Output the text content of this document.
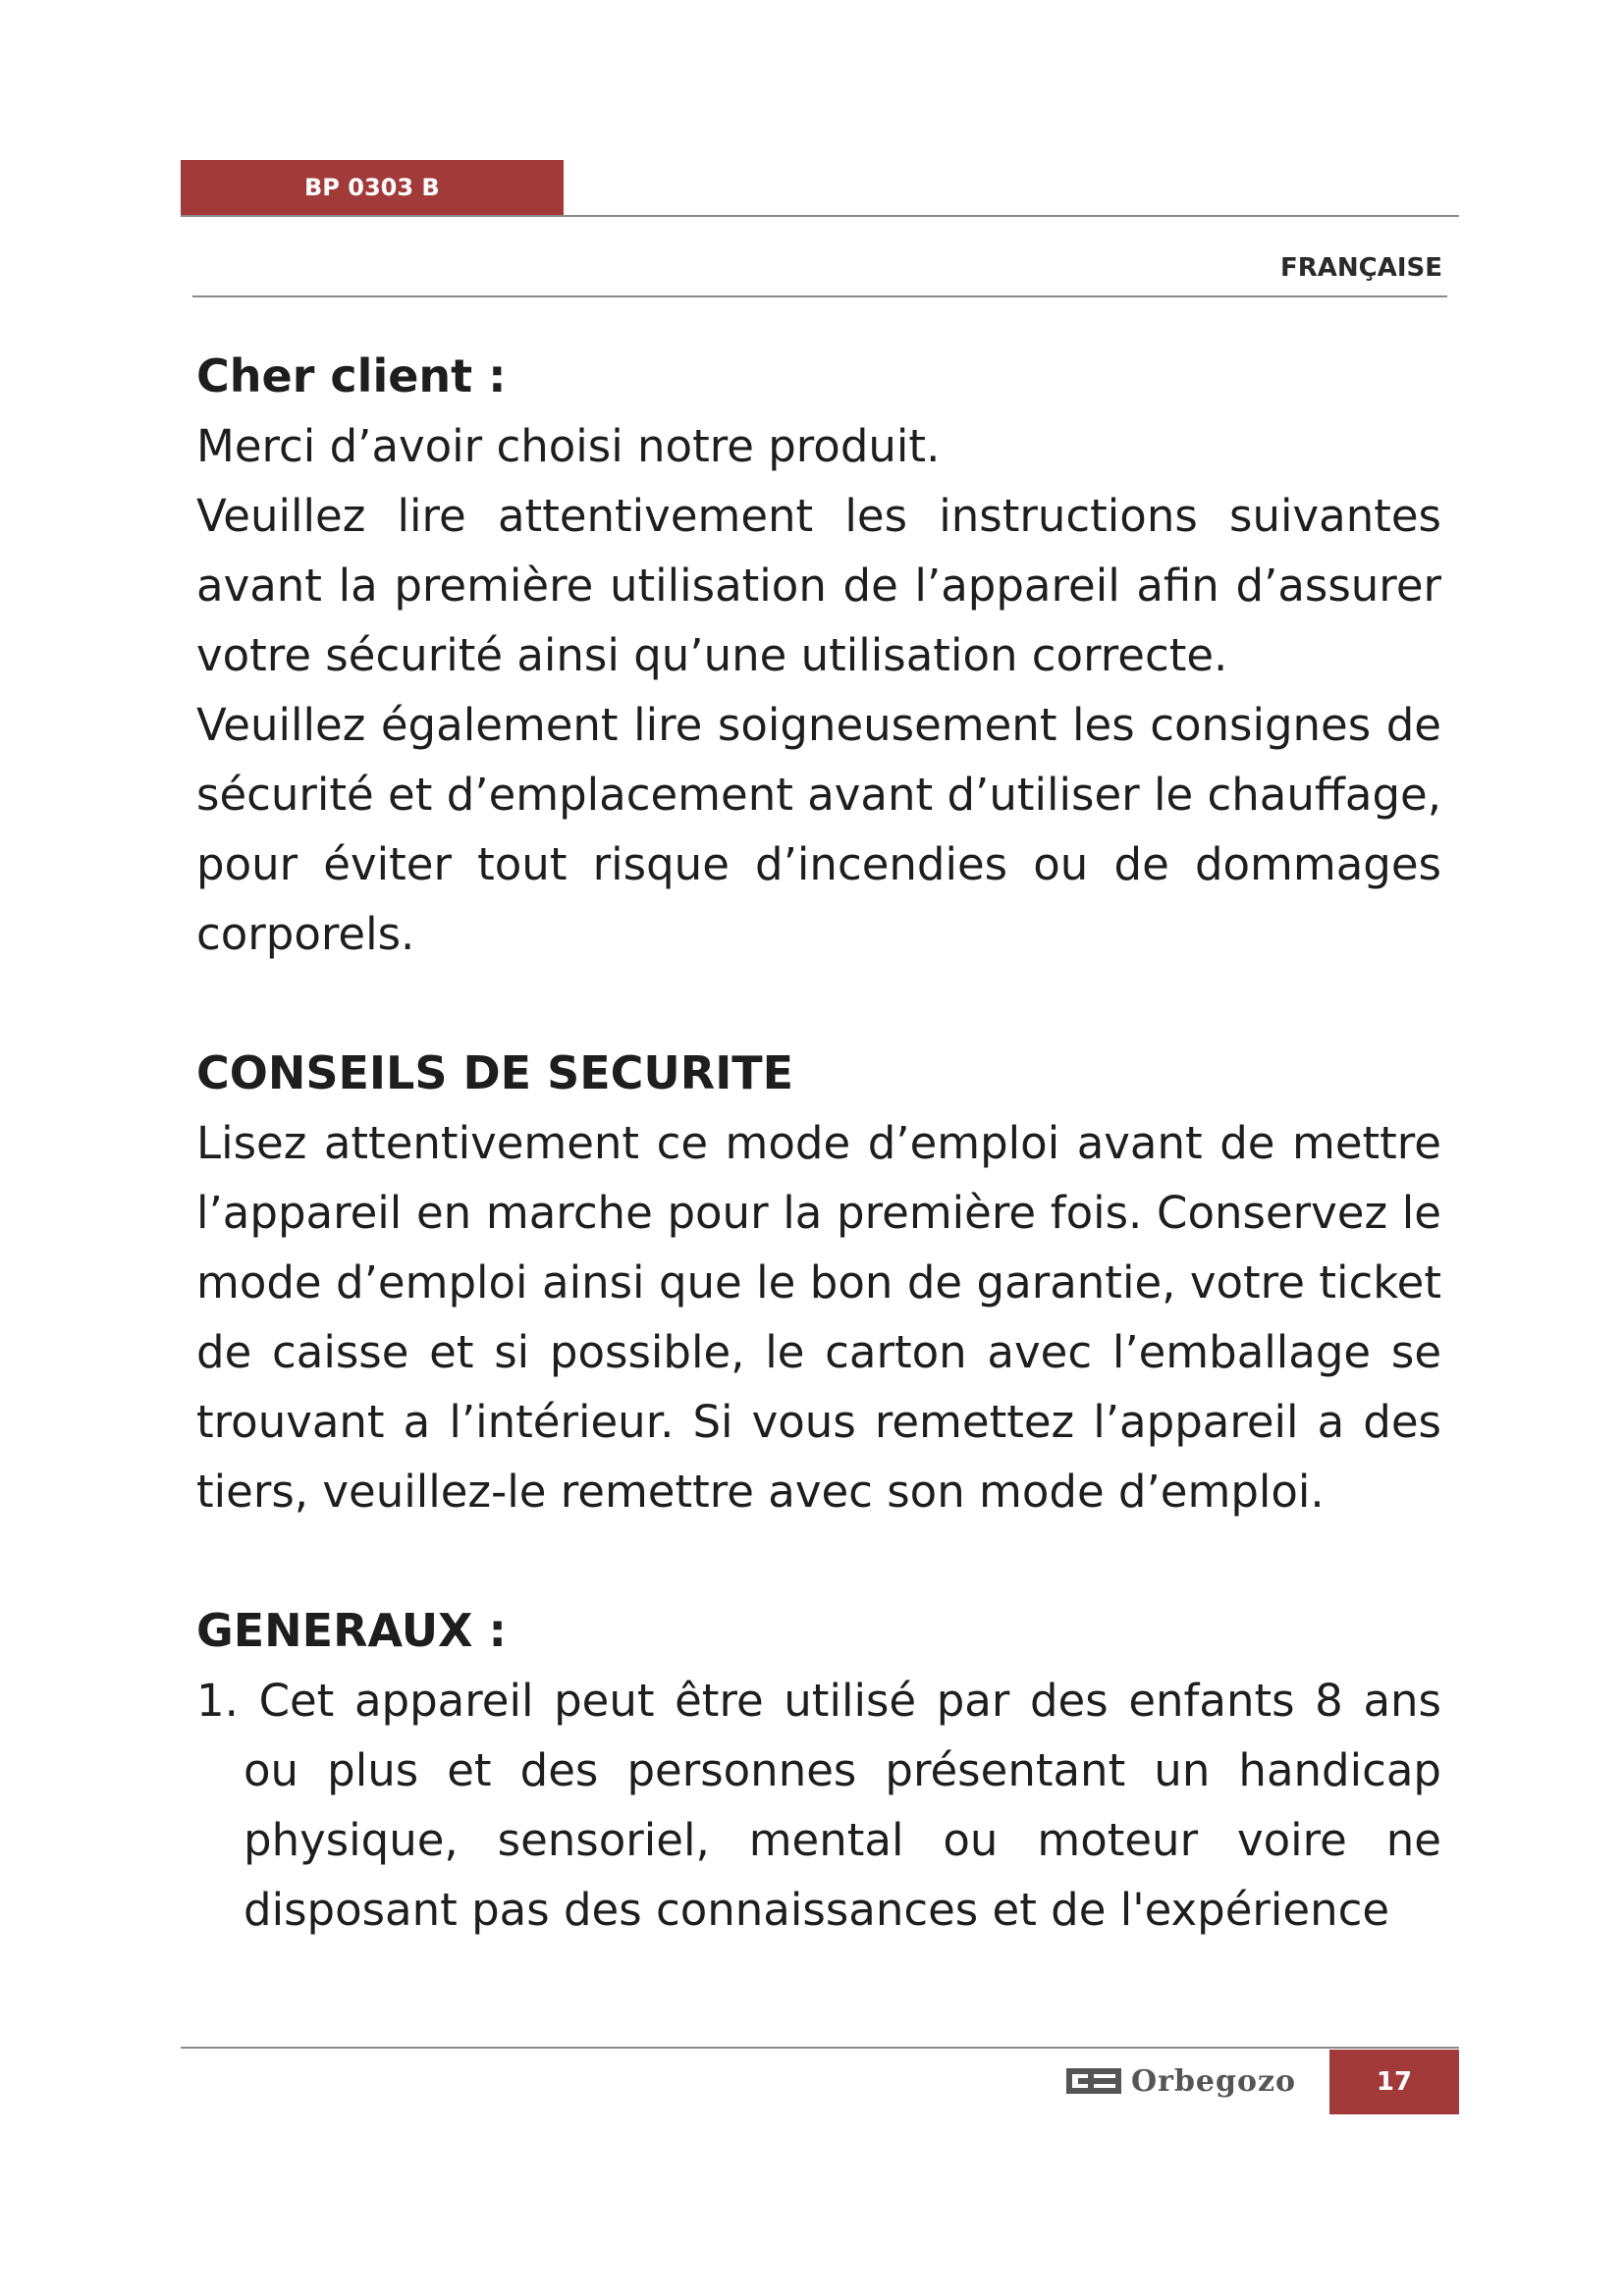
BP 0303 B
FRANÇAISE
Cher client :

Merci d’avoir choisi notre produit.

Veuillez lire attentivement les instructions suivantes avant la première utilisation de l’appareil afin d’assurer votre sécurité ainsi qu’une utilisation correcte.

Veuillez également lire soigneusement les consignes de sécurité et d’emplacement avant d’utiliser le chauffage, pour éviter tout risque d’incendies ou de dommages corporels.

CONSEILS DE SECURITE

Lisez attentivement ce mode d’emploi avant de mettre l’appareil en marche pour la première fois. Conservez le mode d’emploi ainsi que le bon de garantie, votre ticket de caisse et si possible, le carton avec l’emballage se trouvant a l’intérieur. Si vous remettez l’appareil a des tiers, veuillez-le remettre avec son mode d’emploi.

GENERAUX :
1. Cet appareil peut être utilisé par des enfants 8 ans ou plus et des personnes présentant un handicap physique, sensoriel, mental ou moteur voire ne disposant pas des connaissances et de l'expérience
Orbegozo	17
